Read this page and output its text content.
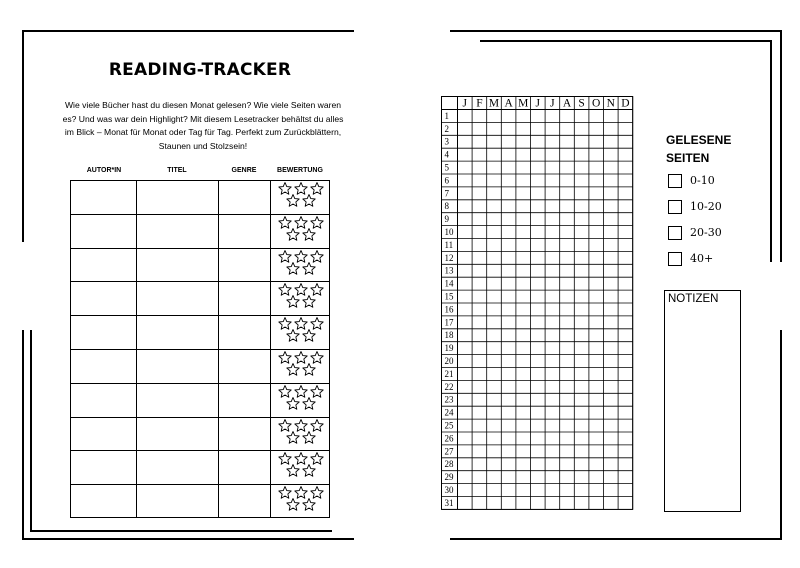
READING-TRACKER
Wie viele Bücher hast du diesen Monat gelesen? Wie viele Seiten waren es? Und was war dein Highlight? Mit diesem Lesetracker behältst du alles im Blick – Monat für Monat oder Tag für Tag. Perfekt zum Zurückblättern, Staunen und Stolzsein!
AUTOR*IN	TITEL	GENRE	BEWERTUNG
J F M A M J J A S O N D
1
2
3
4
5
6
7
8
9
10
11
12
13
14
15
16
17
18
19
20
21
22
23
24
25
26
27
28
29
30
31
GELESENE
SEITEN
0-10
10-20
20-30
40+
NOTIZEN
